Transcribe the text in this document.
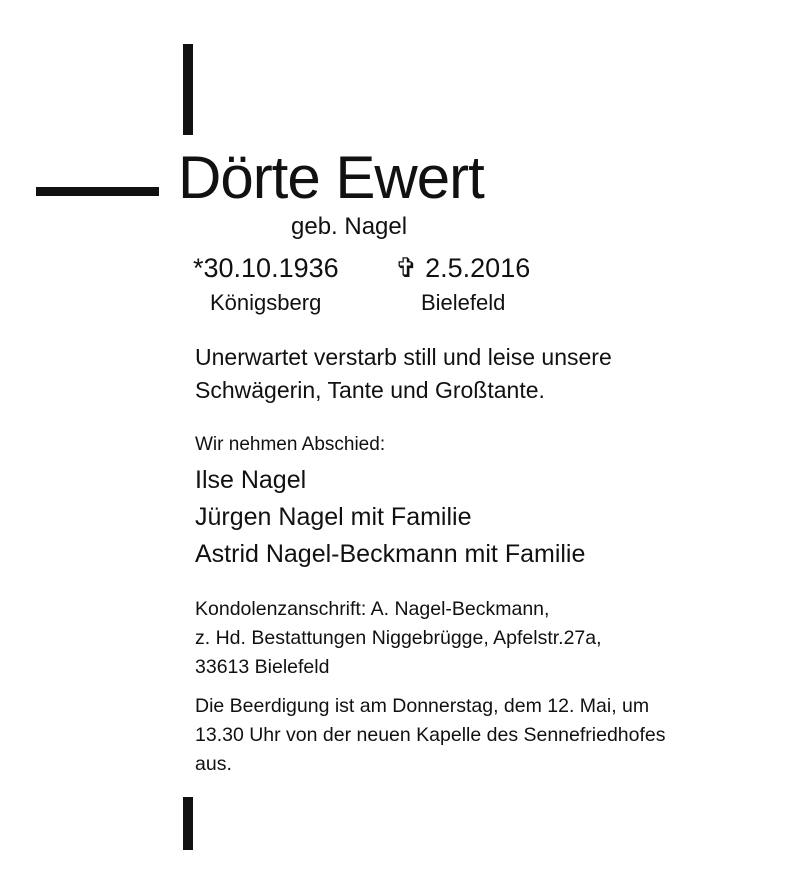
Dörte Ewert
geb. Nagel
*30.10.1936 ✞ 2.5.2016
Königsberg	Bielefeld
Unerwartet verstarb still und leise unsere
Schwägerin, Tante und Großtante.
Wir nehmen Abschied:
Ilse Nagel
Jürgen Nagel mit Familie
Astrid Nagel-Beckmann mit Familie
Kondolenzanschrift: A. Nagel-Beckmann,
z. Hd. Bestattungen Niggebrügge, Apfelstr.27a,
33613 Bielefeld
Die Beerdigung ist am Donnerstag, dem 12. Mai, um
13.30 Uhr von der neuen Kapelle des Sennefriedhofes
aus.
